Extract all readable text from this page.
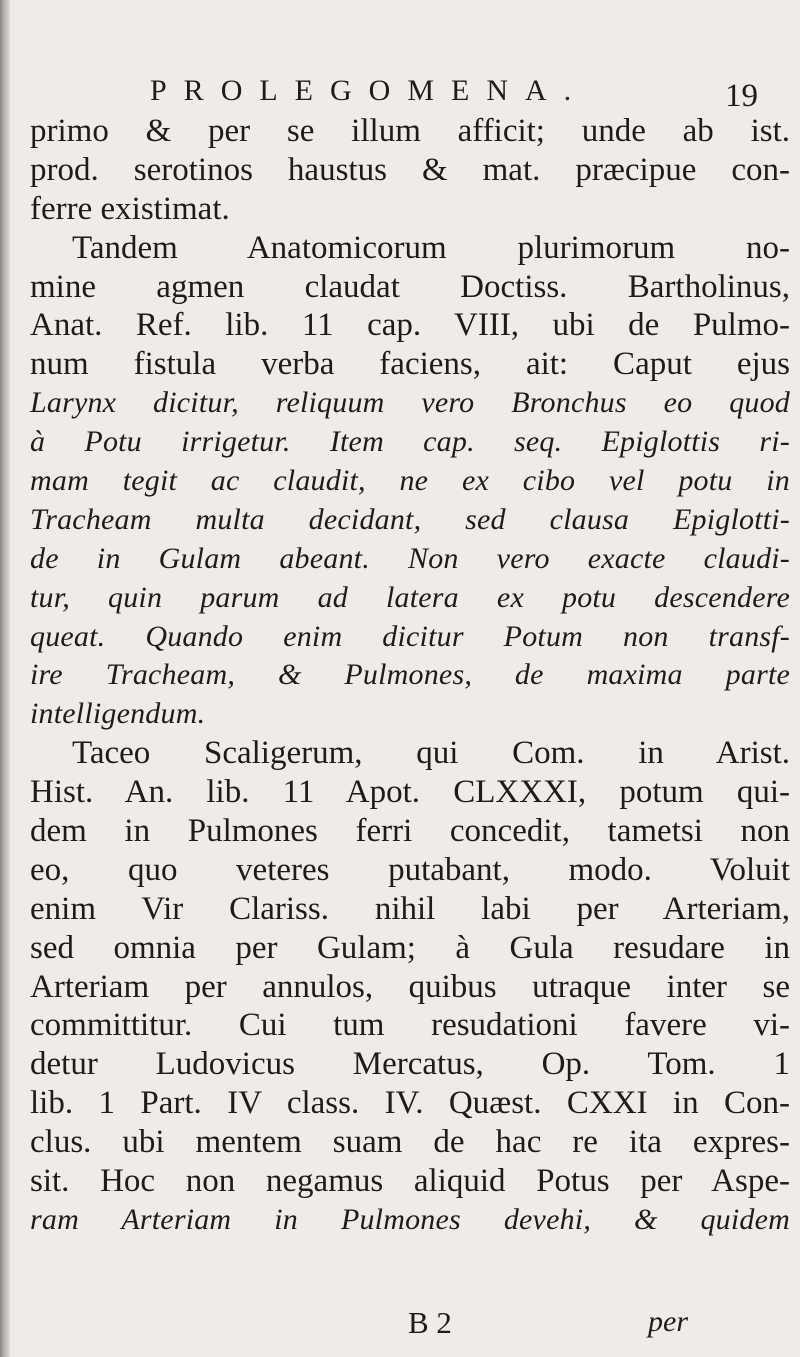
PROLEGOMENA.	19
primo & per se illum afficit; unde ab ist.
prod. serotinos haustus & mat. præcipue con-
ferre existimat.
Tandem Anatomicorum plurimorum no-
mine agmen claudat Doctiss. Bartholinus,
Anat. Ref. lib. 11 cap. VIII, ubi de Pulmo-
num fistula verba faciens, ait: Caput ejus
Larynx dicitur, reliquum vero Bronchus eo quod
à Potu irrigetur. Item cap. seq. Epiglottis ri-
mam tegit ac claudit, ne ex cibo vel potu in
Tracheam multa decidant, sed clausa Epiglotti-
de in Gulam abeant. Non vero exacte claudi-
tur, quin parum ad latera ex potu descendere
queat. Quando enim dicitur Potum non transf-
ire Tracheam, & Pulmones, de maxima parte
intelligendum.
Taceo Scaligerum, qui Com. in Arist.
Hist. An. lib. 11 Apot. CLXXXI, potum qui-
dem in Pulmones ferri concedit, tametsi non
eo, quo veteres putabant, modo. Voluit
enim Vir Clariss. nihil labi per Arteriam,
sed omnia per Gulam; à Gula resudare in
Arteriam per annulos, quibus utraque inter se
committitur. Cui tum resudationi favere vi-
detur Ludovicus Mercatus, Op. Tom. 1
lib. 1 Part. IV class. IV. Quæst. CXXI in Con-
clus. ubi mentem suam de hac re ita expres-
sit. Hoc non negamus aliquid Potus per Aspe-
ram Arteriam in Pulmones devehi, & quidem
B 2	per
